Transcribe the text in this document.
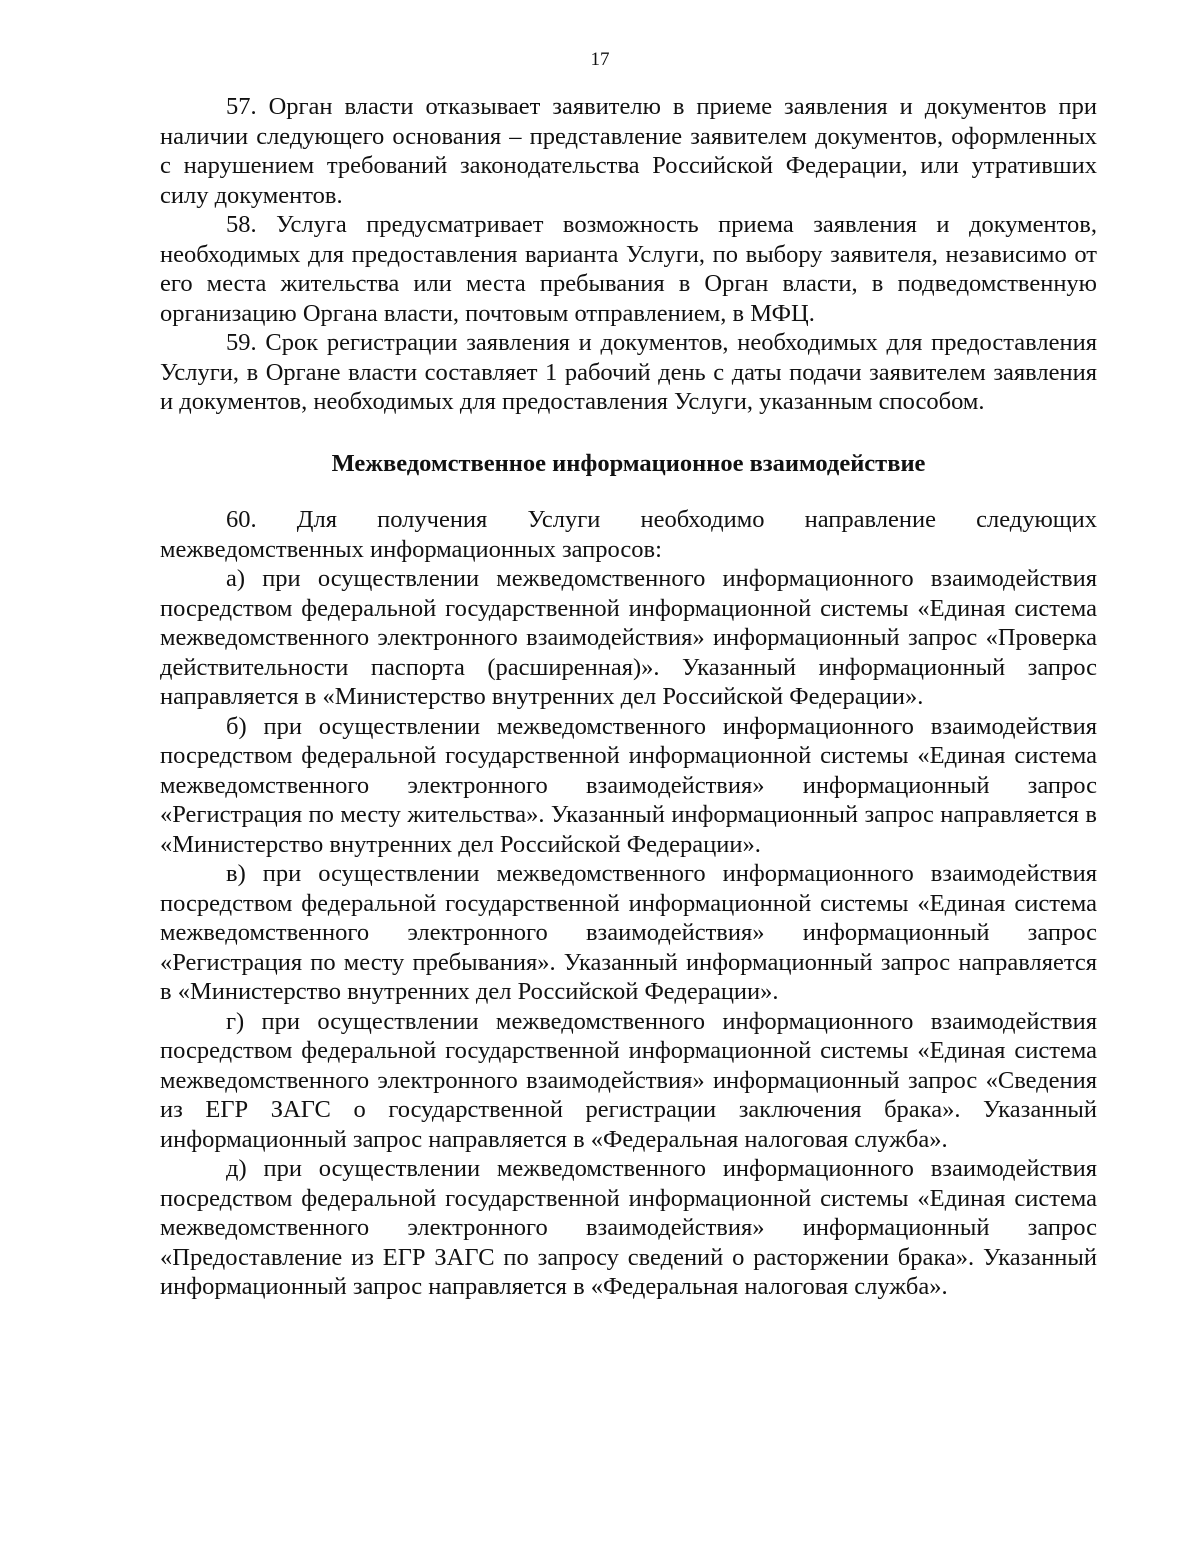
17

57. Орган власти отказывает заявителю в приеме заявления и документов при наличии следующего основания – представление заявителем документов, оформленных с нарушением требований законодательства Российской Федерации, или утративших силу документов.

58. Услуга предусматривает возможность приема заявления и документов, необходимых для предоставления варианта Услуги, по выбору заявителя, независимо от его места жительства или места пребывания в Орган власти, в подведомственную организацию Органа власти, почтовым отправлением, в МФЦ.

59. Срок регистрации заявления и документов, необходимых для предоставления Услуги, в Органе власти составляет 1 рабочий день с даты подачи заявителем заявления и документов, необходимых для предоставления Услуги, указанным способом.

Межведомственное информационное взаимодействие

60. Для получения Услуги необходимо направление следующих межведомственных информационных запросов:

а) при осуществлении межведомственного информационного взаимодействия посредством федеральной государственной информационной системы «Единая система межведомственного электронного взаимодействия» информационный запрос «Проверка действительности паспорта (расширенная)». Указанный информационный запрос направляется в «Министерство внутренних дел Российской Федерации».

б) при осуществлении межведомственного информационного взаимодействия посредством федеральной государственной информационной системы «Единая система межведомственного электронного взаимодействия» информационный запрос «Регистрация по месту жительства». Указанный информационный запрос направляется в «Министерство внутренних дел Российской Федерации».

в) при осуществлении межведомственного информационного взаимодействия посредством федеральной государственной информационной системы «Единая система межведомственного электронного взаимодействия» информационный запрос «Регистрация по месту пребывания». Указанный информационный запрос направляется в «Министерство внутренних дел Российской Федерации».

г) при осуществлении межведомственного информационного взаимодействия посредством федеральной государственной информационной системы «Единая система межведомственного электронного взаимодействия» информационный запрос «Сведения из ЕГР ЗАГС о государственной регистрации заключения брака». Указанный информационный запрос направляется в «Федеральная налоговая служба».

д) при осуществлении межведомственного информационного взаимодействия посредством федеральной государственной информационной системы «Единая система межведомственного электронного взаимодействия» информационный запрос «Предоставление из ЕГР ЗАГС по запросу сведений о расторжении брака». Указанный информационный запрос направляется в «Федеральная налоговая служба».
